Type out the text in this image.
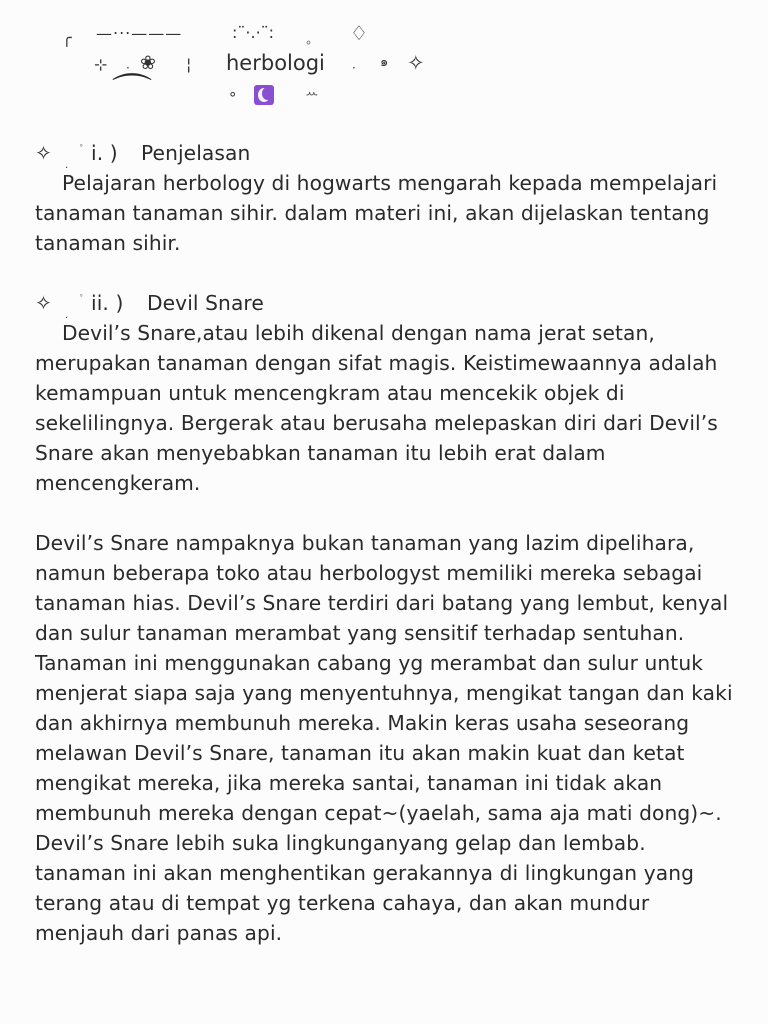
╭ —‧‧‧———	:¨·.·¨: ˳ ♢
⊹ · ❀ ¦ herbologi · ๑ ✧
⌒	∘	ꕀ
✧
·
˚ i. )	Penjelasan

Pelajaran herbology di hogwarts mengarah kepada mempelajari tanaman tanaman sihir. dalam materi ini, akan dijelaskan tentang tanaman sihir.

✧
·
˚ ii. )	Devil Snare

Devil’s Snare,atau lebih dikenal dengan nama jerat setan, merupakan tanaman dengan sifat magis. Keistimewaannya adalah kemampuan untuk mencengkram atau mencekik objek di sekelilingnya. Bergerak atau berusaha melepaskan diri dari Devil’s Snare akan menyebabkan tanaman itu lebih erat dalam mencengkeram.

Devil’s Snare nampaknya bukan tanaman yang lazim dipelihara, namun beberapa toko atau herbologyst memiliki mereka sebagai tanaman hias. Devil’s Snare terdiri dari batang yang lembut, kenyal dan sulur tanaman merambat yang sensitif terhadap sentuhan. Tanaman ini menggunakan cabang yg merambat dan sulur untuk menjerat siapa saja yang menyentuhnya, mengikat tangan dan kaki dan akhirnya membunuh mereka. Makin keras usaha seseorang melawan Devil’s Snare, tanaman itu akan makin kuat dan ketat mengikat mereka, jika mereka santai, tanaman ini tidak akan membunuh mereka dengan cepat~(yaelah, sama aja mati dong)~. Devil’s Snare lebih suka lingkunganyang gelap dan lembab. tanaman ini akan menghentikan gerakannya di lingkungan yang terang atau di tempat yg terkena cahaya, dan akan mundur menjauh dari panas api.
